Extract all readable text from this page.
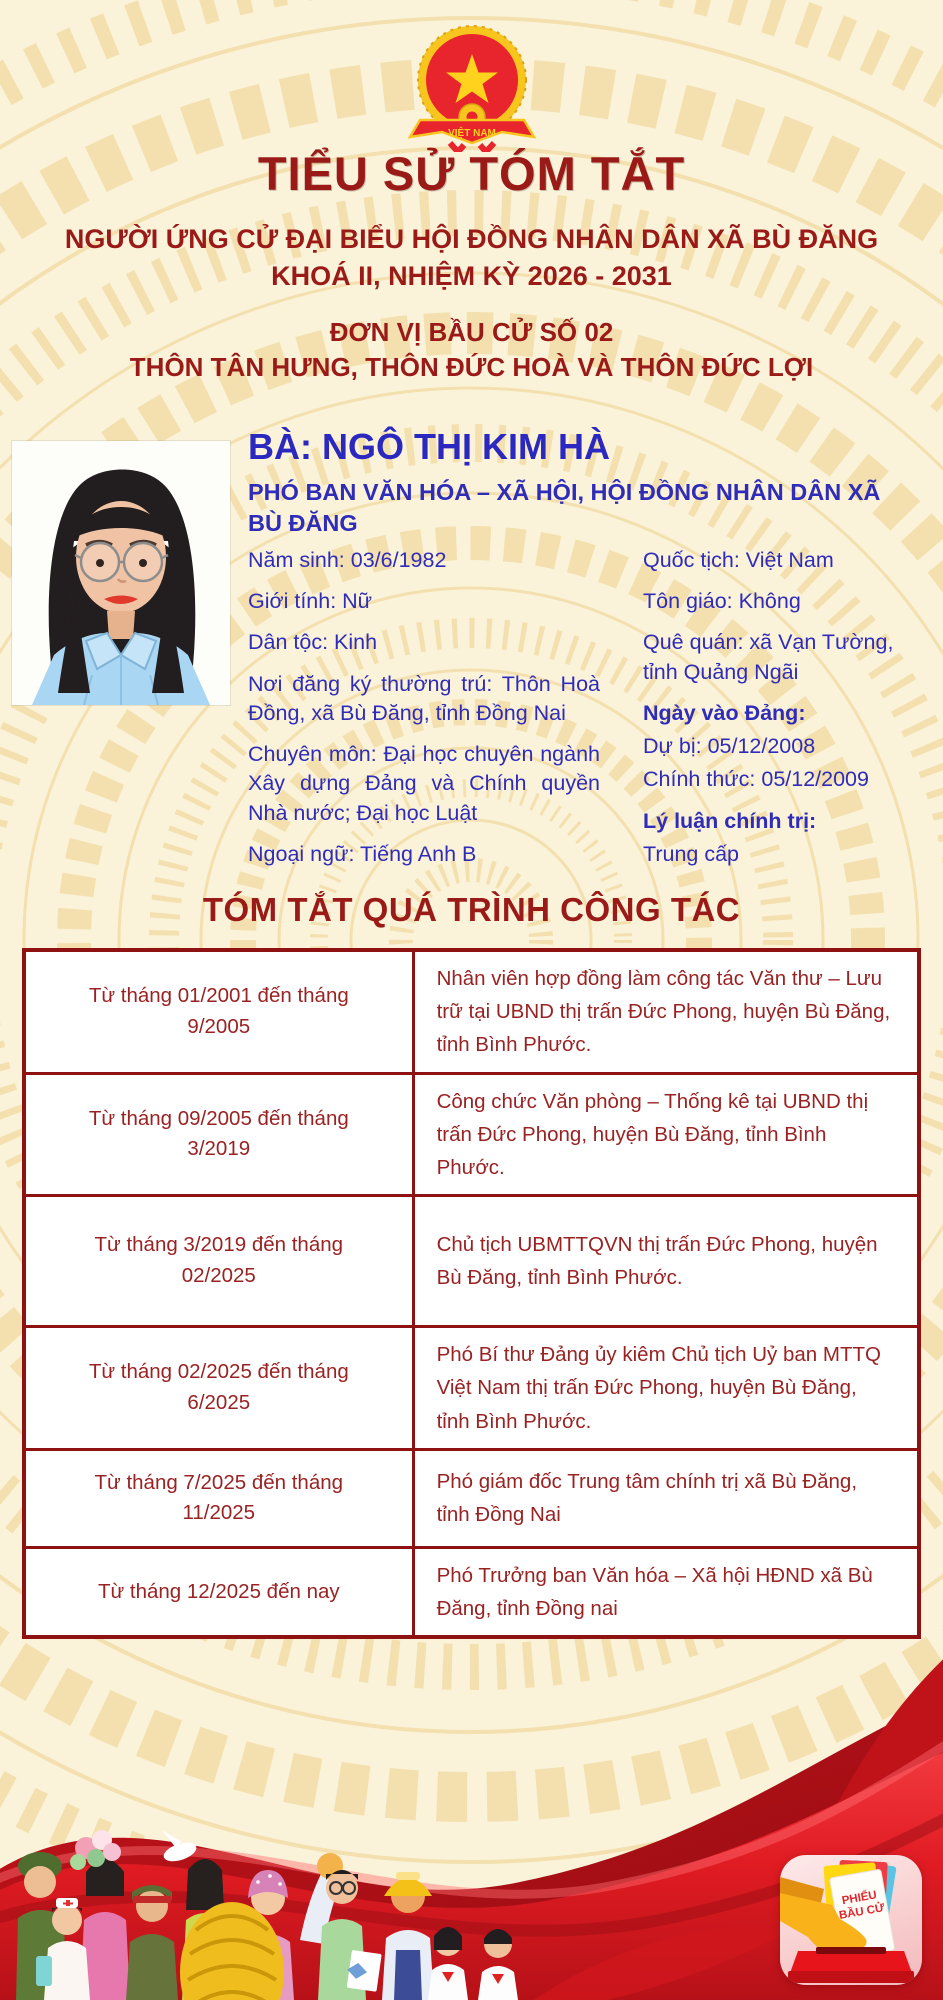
VIỆT NAM
TIỂU SỬ TÓM TẮT
NGƯỜI ỨNG CỬ ĐẠI BIỂU HỘI ĐỒNG NHÂN DÂN XÃ BÙ ĐĂNG
KHOÁ II, NHIỆM KỲ 2026 - 2031
ĐƠN VỊ BẦU CỬ SỐ 02
THÔN TÂN HƯNG, THÔN ĐỨC HOÀ VÀ THÔN ĐỨC LỢI
BÀ: NGÔ THỊ KIM HÀ
PHÓ BAN VĂN HÓA – XÃ HỘI, HỘI ĐỒNG NHÂN DÂN XÃ BÙ ĐĂNG
Năm sinh: 03/6/1982
Giới tính: Nữ
Dân tộc: Kinh
Nơi đăng ký thường trú: Thôn Hoà Đồng, xã Bù Đăng, tỉnh Đồng Nai
Chuyên môn: Đại học chuyên ngành Xây dựng Đảng và Chính quyền Nhà nước; Đại học Luật
Ngoại ngữ: Tiếng Anh B
Quốc tịch: Việt Nam
Tôn giáo: Không
Quê quán: xã Vạn Tường, tỉnh Quảng Ngãi
Ngày vào Đảng:
Dự bị: 05/12/2008
Chính thức: 05/12/2009
Lý luận chính trị:
Trung cấp
TÓM TẮT QUÁ TRÌNH CÔNG TÁC
Từ tháng 01/2001 đến tháng 9/2005	Nhân viên hợp đồng làm công tác Văn thư – Lưu trữ tại UBND thị trấn Đức Phong, huyện Bù Đăng, tỉnh Bình Phước.
Từ tháng 09/2005 đến tháng 3/2019	Công chức Văn phòng – Thống kê tại UBND thị trấn Đức Phong, huyện Bù Đăng, tỉnh Bình Phước.
Từ tháng 3/2019 đến tháng 02/2025	Chủ tịch UBMTTQVN thị trấn Đức Phong, huyện Bù Đăng, tỉnh Bình Phước.
Từ tháng 02/2025 đến tháng 6/2025	Phó Bí thư Đảng ủy kiêm Chủ tịch Uỷ ban MTTQ Việt Nam thị trấn Đức Phong, huyện Bù Đăng, tỉnh Bình Phước.
Từ tháng 7/2025 đến tháng 11/2025	Phó giám đốc Trung tâm chính trị xã Bù Đăng, tỉnh Đồng Nai
Từ tháng 12/2025 đến nay	Phó Trưởng ban Văn hóa – Xã hội HĐND xã Bù Đăng, tỉnh Đồng nai
PHIẾU
BẦU CỬ
